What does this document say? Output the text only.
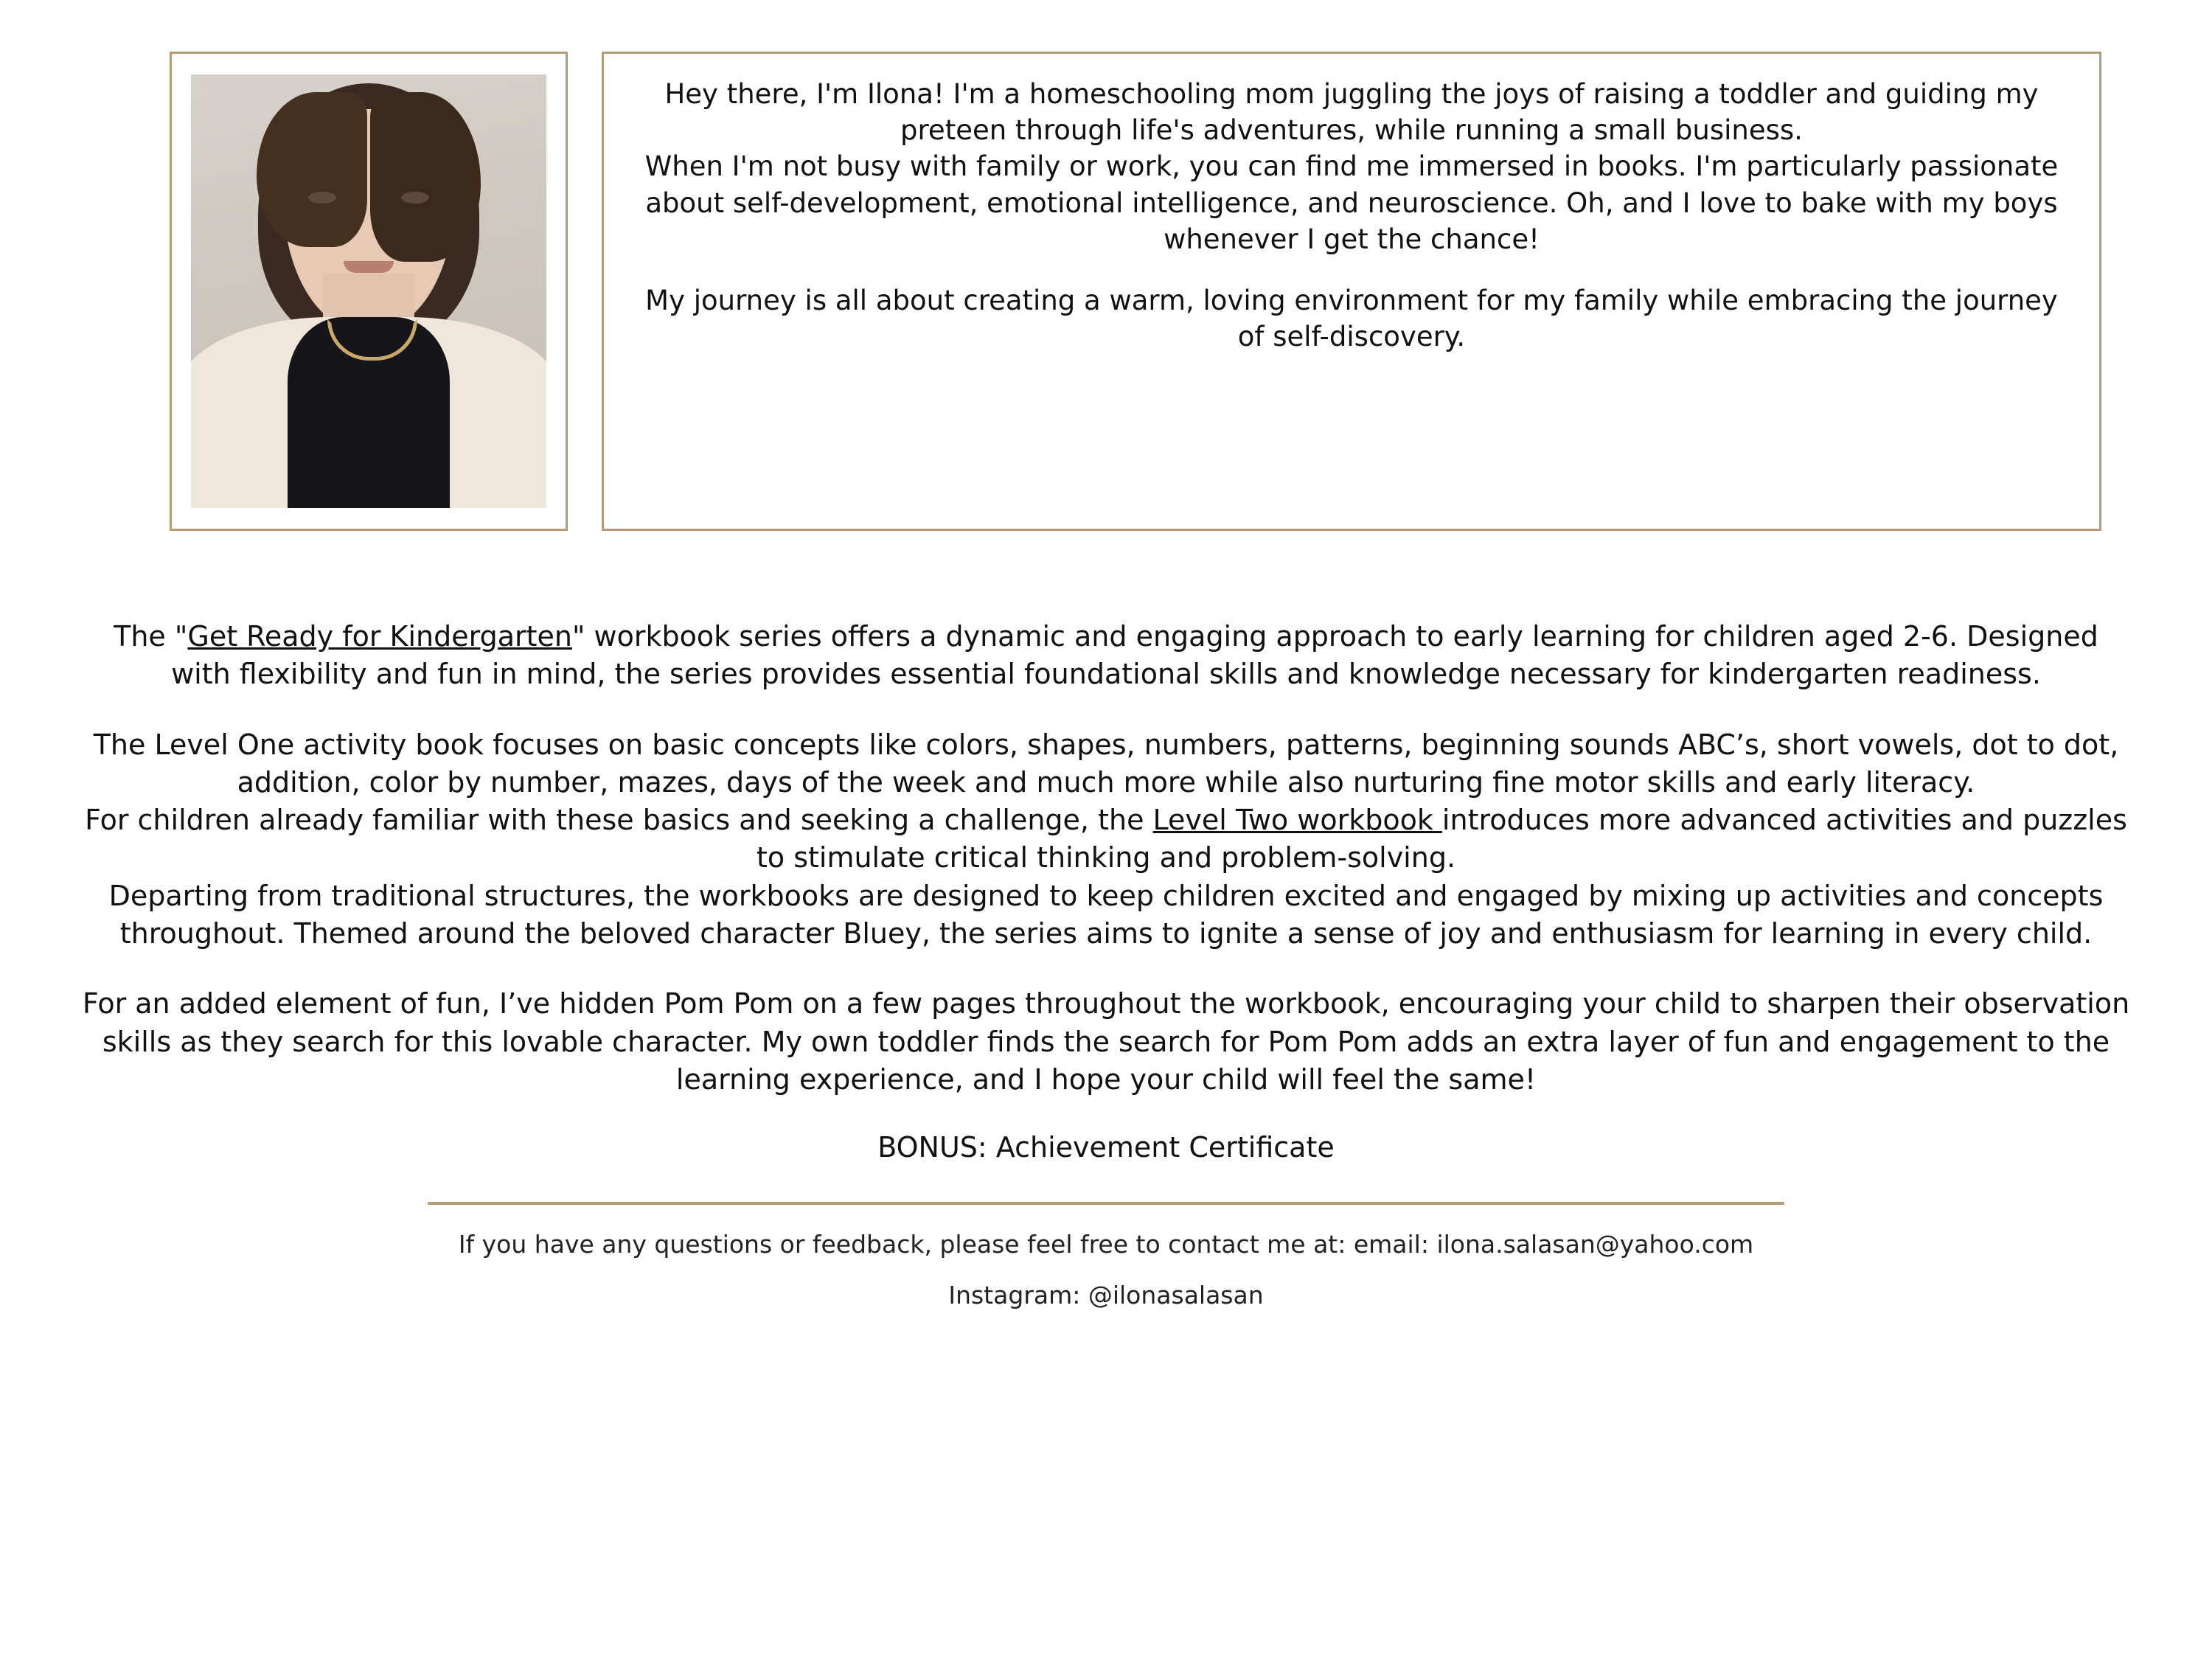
Hey there, I'm Ilona! I'm a homeschooling mom juggling the joys of raising a toddler and guiding my preteen through life's adventures, while running a small business.

When I'm not busy with family or work, you can find me immersed in books. I'm particularly passionate about self-development, emotional intelligence, and neuroscience. Oh, and I love to bake with my boys whenever I get the chance!

My journey is all about creating a warm, loving environment for my family while embracing the journey of self-discovery.

The "Get Ready for Kindergarten" workbook series offers a dynamic and engaging approach to early learning for children aged 2-6. Designed with flexibility and fun in mind, the series provides essential foundational skills and knowledge necessary for kindergarten readiness.

The Level One activity book focuses on basic concepts like colors, shapes, numbers, patterns, beginning sounds ABC’s, short vowels, dot to dot, addition, color by number, mazes, days of the week and much more while also nurturing fine motor skills and early literacy.

For children already familiar with these basics and seeking a challenge, the Level Two workbook introduces more advanced activities and puzzles to stimulate critical thinking and problem-solving.

Departing from traditional structures, the workbooks are designed to keep children excited and engaged by mixing up activities and concepts throughout. Themed around the beloved character Bluey, the series aims to ignite a sense of joy and enthusiasm for learning in every child.

For an added element of fun, I’ve hidden Pom Pom on a few pages throughout the workbook, encouraging your child to sharpen their observation skills as they search for this lovable character. My own toddler finds the search for Pom Pom adds an extra layer of fun and engagement to the learning experience, and I hope your child will feel the same!

BONUS: Achievement Certificate
If you have any questions or feedback, please feel free to contact me at: email: ilona.salasan@yahoo.com
Instagram: @ilonasalasan
